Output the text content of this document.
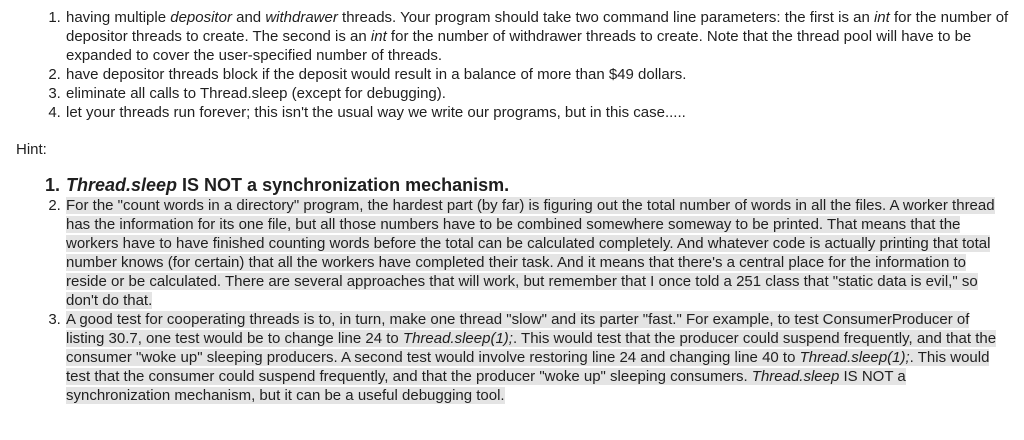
1. having multiple depositor and withdrawer threads. Your program should take two command line parameters: the first is an int for the number of depositor threads to create. The second is an int for the number of withdrawer threads to create. Note that the thread pool will have to be expanded to cover the user-specified number of threads.
2. have depositor threads block if the deposit would result in a balance of more than $49 dollars.
3. eliminate all calls to Thread.sleep (except for debugging).
4. let your threads run forever; this isn't the usual way we write our programs, but in this case.....
Hint:
1. Thread.sleep IS NOT a synchronization mechanism.
2. For the "count words in a directory" program, the hardest part (by far) is figuring out the total number of words in all the files. A worker thread has the information for its one file, but all those numbers have to be combined somewhere someway to be printed. That means that the workers have to have finished counting words before the total can be calculated completely. And whatever code is actually printing that total number knows (for certain) that all the workers have completed their task. And it means that there's a central place for the information to reside or be calculated. There are several approaches that will work, but remember that I once told a 251 class that "static data is evil," so don't do that.
3. A good test for cooperating threads is to, in turn, make one thread "slow" and its parter "fast." For example, to test ConsumerProducer of listing 30.7, one test would be to change line 24 to Thread.sleep(1);. This would test that the producer could suspend frequently, and that the consumer "woke up" sleeping producers. A second test would involve restoring line 24 and changing line 40 to Thread.sleep(1);. This would test that the consumer could suspend frequently, and that the producer "woke up" sleeping consumers. Thread.sleep IS NOT a synchronization mechanism, but it can be a useful debugging tool.
